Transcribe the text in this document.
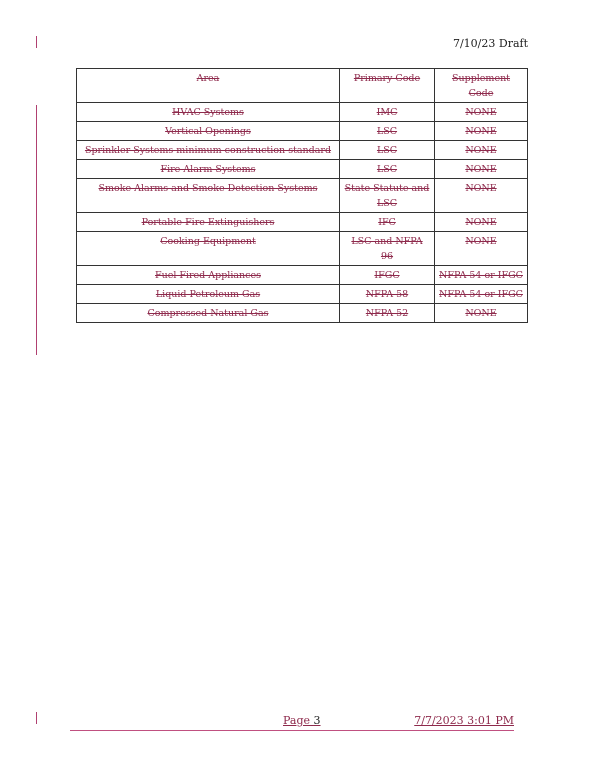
7/10/23 Draft
Area	Primary Code	Supplement Code
HVAC Systems	IMC	NONE
Vertical Openings	LSC	NONE
Sprinkler Systems minimum construction standard	LSC	NONE
Fire Alarm Systems	LSC	NONE
Smoke Alarms and Smoke Detection Systems	State Statute and LSC	NONE
Portable Fire Extinguishers	IFC	NONE
Cooking Equipment	LSC and NFPA 96	NONE
Fuel Fired Appliances	IFGC	NFPA 54 or IFGC
Liquid Petroleum Gas	NFPA 58	NFPA 54 or IFGC
Compressed Natural Gas	NFPA 52	NONE
Page 3	7/7/2023 3:01 PM
